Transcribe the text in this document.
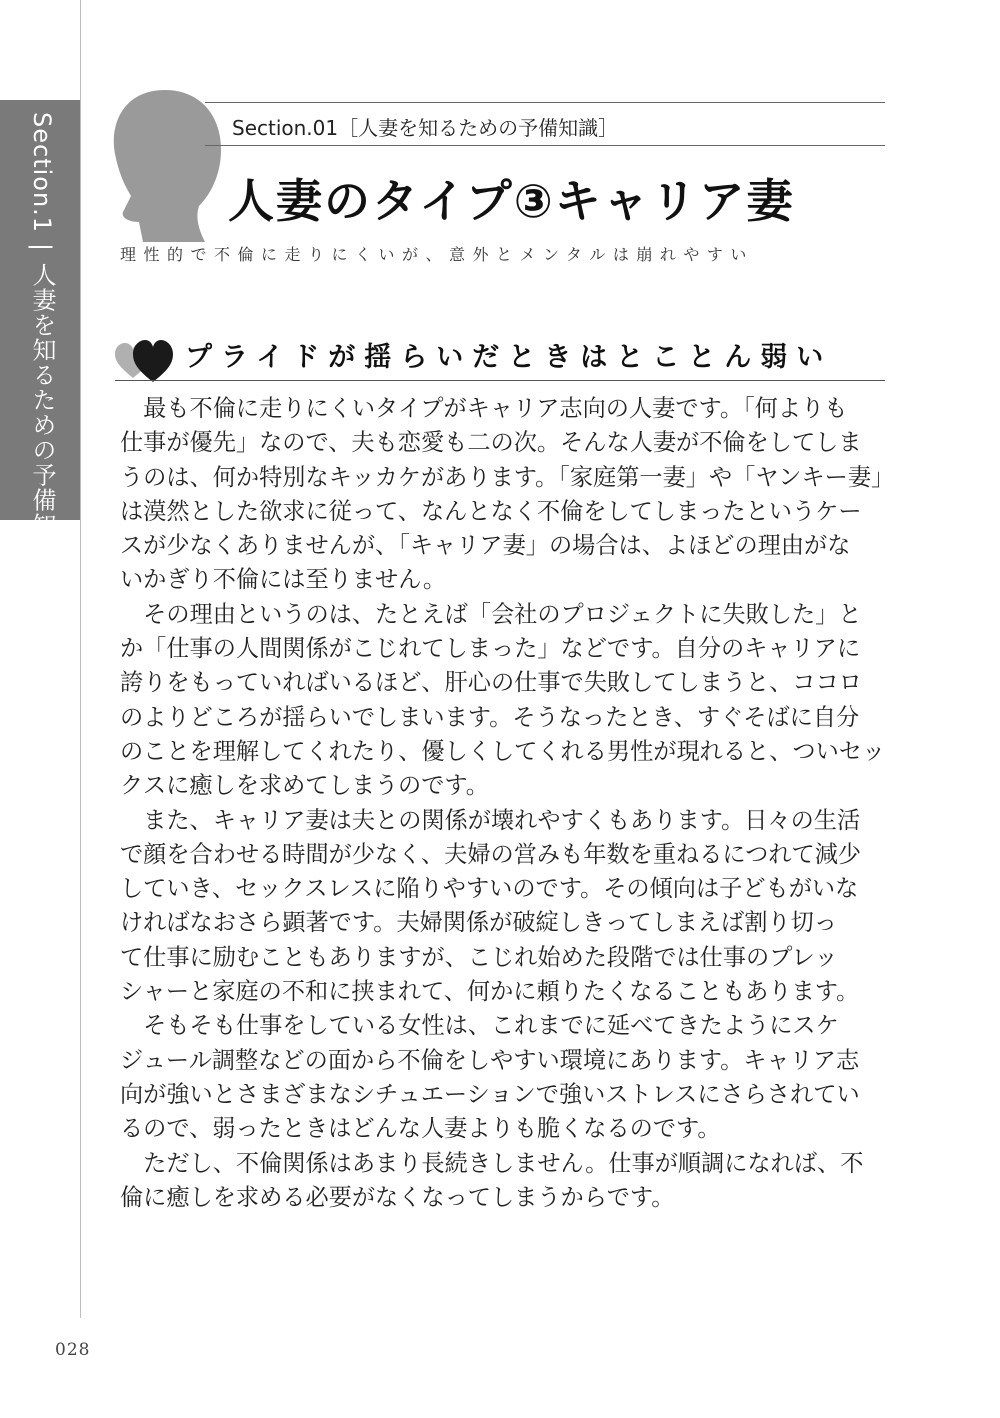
Section.1|人妻を知るための予備知識
Section.01［人妻を知るための予備知識］
人妻のタイプ③キャリア妻
理性的で不倫に走りにくいが、意外とメンタルは崩れやすい
プライドが揺らいだときはとことん弱い
　最も不倫に走りにくいタイプがキャリア志向の人妻です。「何よりも
仕事が優先」なので、夫も恋愛も二の次。そんな人妻が不倫をしてしま
うのは、何か特別なキッカケがあります。「家庭第一妻」や「ヤンキー妻」
は漠然とした欲求に従って、なんとなく不倫をしてしまったというケー
スが少なくありませんが、「キャリア妻」の場合は、よほどの理由がな
いかぎり不倫には至りません。
　その理由というのは、たとえば「会社のプロジェクトに失敗した」と
か「仕事の人間関係がこじれてしまった」などです。自分のキャリアに
誇りをもっていればいるほど、肝心の仕事で失敗してしまうと、ココロ
のよりどころが揺らいでしまいます。そうなったとき、すぐそばに自分
のことを理解してくれたり、優しくしてくれる男性が現れると、ついセッ
クスに癒しを求めてしまうのです。
　また、キャリア妻は夫との関係が壊れやすくもあります。日々の生活
で顔を合わせる時間が少なく、夫婦の営みも年数を重ねるにつれて減少
していき、セックスレスに陥りやすいのです。その傾向は子どもがいな
ければなおさら顕著です。夫婦関係が破綻しきってしまえば割り切っ
て仕事に励むこともありますが、こじれ始めた段階では仕事のプレッ
シャーと家庭の不和に挟まれて、何かに頼りたくなることもあります。
　そもそも仕事をしている女性は、これまでに延べてきたようにスケ
ジュール調整などの面から不倫をしやすい環境にあります。キャリア志
向が強いとさまざまなシチュエーションで強いストレスにさらされてい
るので、弱ったときはどんな人妻よりも脆くなるのです。
　ただし、不倫関係はあまり長続きしません。仕事が順調になれば、不
倫に癒しを求める必要がなくなってしまうからです。
028
